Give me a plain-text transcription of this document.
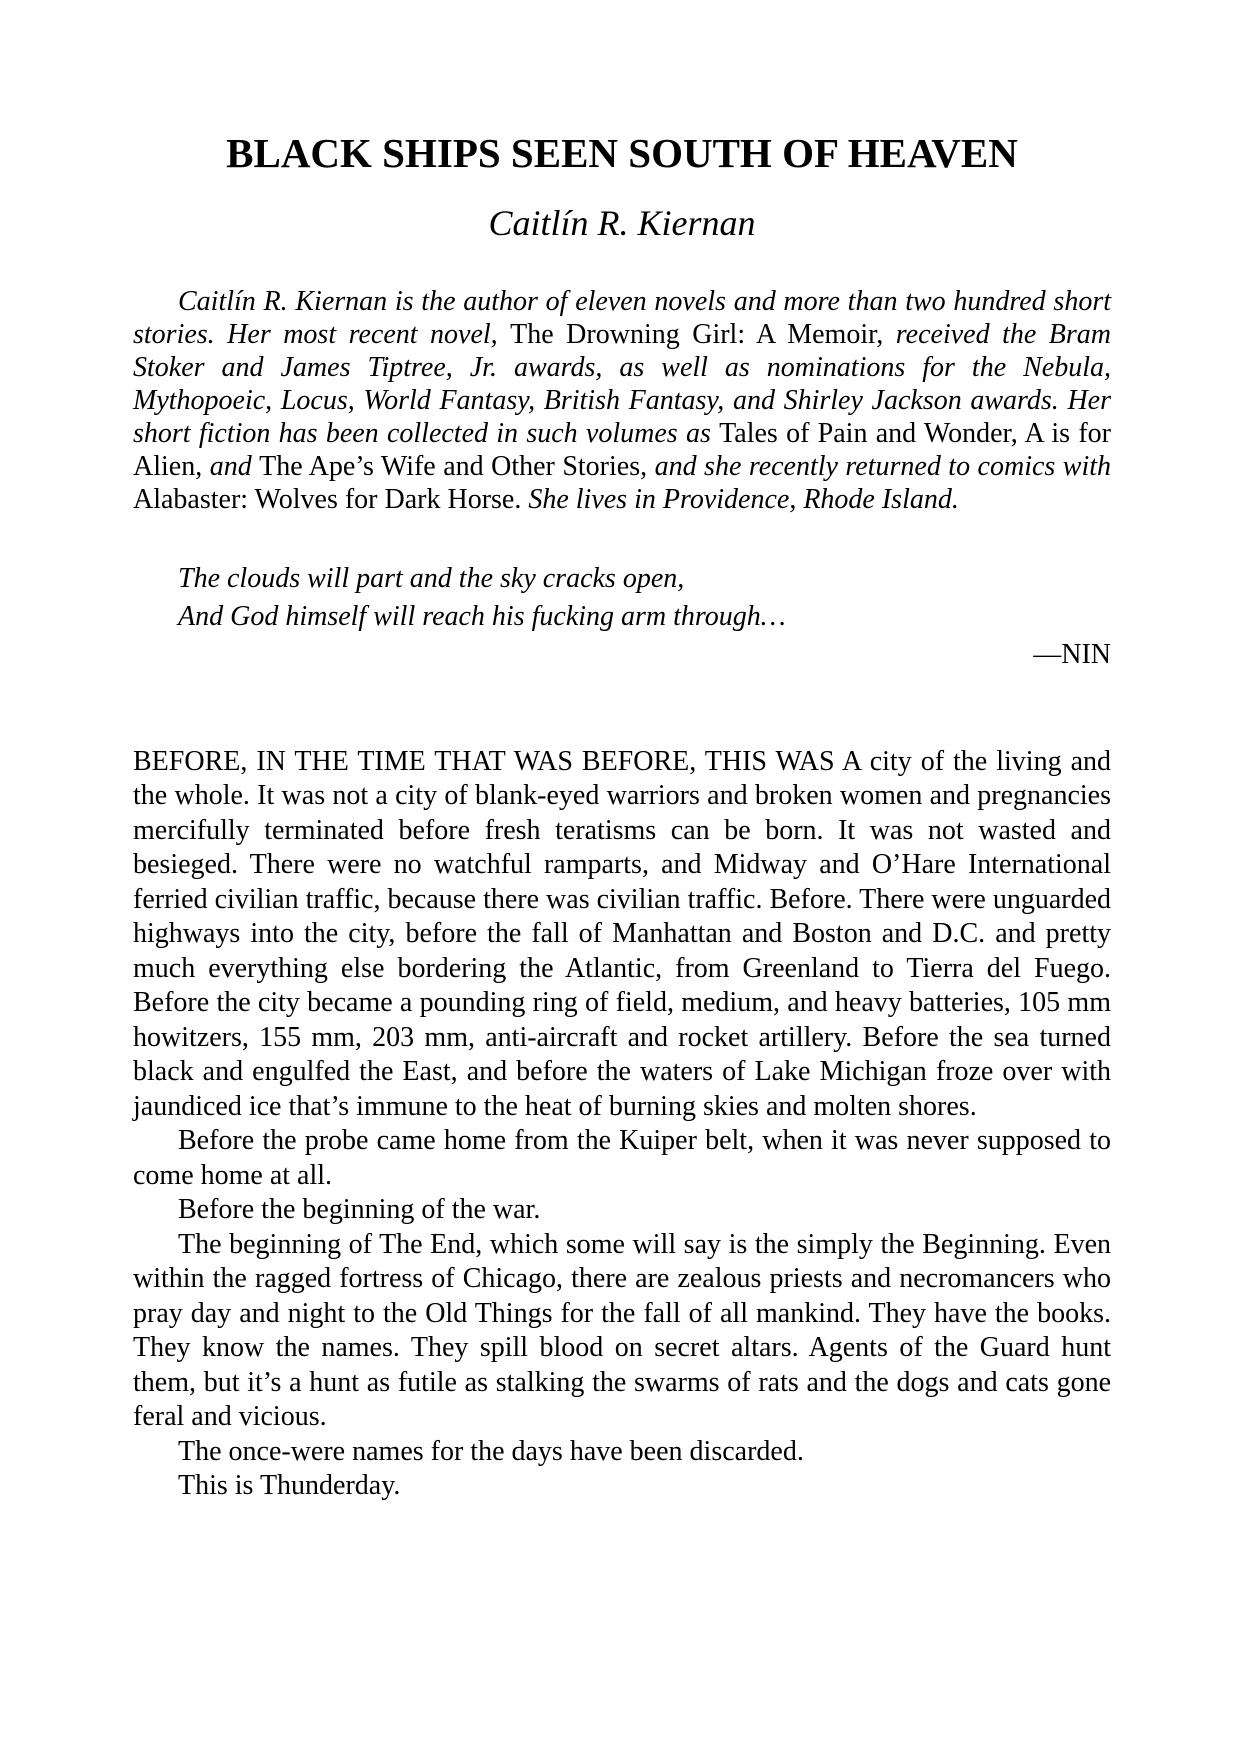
BLACK SHIPS SEEN SOUTH OF HEAVEN
Caitlín R. Kiernan

Caitlín R. Kiernan is the author of eleven novels and more than two hundred short stories. Her most recent novel, The Drowning Girl: A Memoir, received the Bram Stoker and James Tiptree, Jr. awards, as well as nominations for the Nebula, Mythopoeic, Locus, World Fantasy, British Fantasy, and Shirley Jackson awards. Her short fiction has been collected in such volumes as Tales of Pain and Wonder, A is for Alien, and The Ape’s Wife and Other Stories, and she recently returned to comics with Alabaster: Wolves for Dark Horse. She lives in Providence, Rhode Island.

The clouds will part and the sky cracks open,
And God himself will reach his fucking arm through…
—NIN

BEFORE, IN THE TIME THAT WAS BEFORE, THIS WAS A city of the living and the whole. It was not a city of blank-eyed warriors and broken women and pregnancies mercifully terminated before fresh teratisms can be born. It was not wasted and besieged. There were no watchful ramparts, and Midway and O’Hare International ferried civilian traffic, because there was civilian traffic. Before. There were unguarded highways into the city, before the fall of Manhattan and Boston and D.C. and pretty much everything else bordering the Atlantic, from Greenland to Tierra del Fuego. Before the city became a pounding ring of field, medium, and heavy batteries, 105 mm howitzers, 155 mm, 203 mm, anti-aircraft and rocket artillery. Before the sea turned black and engulfed the East, and before the waters of Lake Michigan froze over with jaundiced ice that’s immune to the heat of burning skies and molten shores.

Before the probe came home from the Kuiper belt, when it was never supposed to come home at all.

Before the beginning of the war.

The beginning of The End, which some will say is the simply the Beginning. Even within the ragged fortress of Chicago, there are zealous priests and necromancers who pray day and night to the Old Things for the fall of all mankind. They have the books. They know the names. They spill blood on secret altars. Agents of the Guard hunt them, but it’s a hunt as futile as stalking the swarms of rats and the dogs and cats gone feral and vicious.

The once-were names for the days have been discarded.

This is Thunderday.
